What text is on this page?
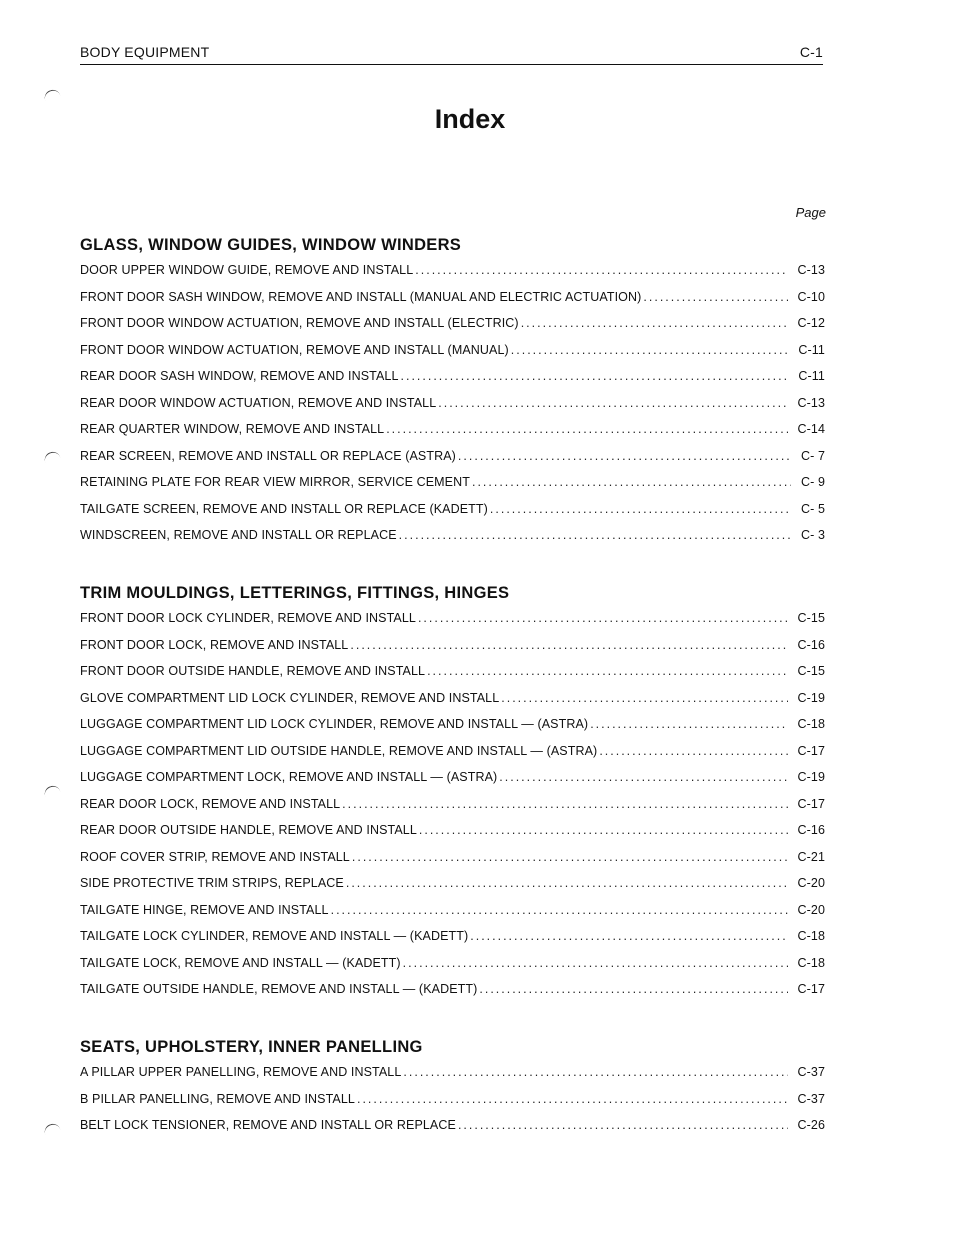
BODY EQUIPMENT	C-1
Index
Page
GLASS, WINDOW GUIDES, WINDOW WINDERS
DOOR UPPER WINDOW GUIDE, REMOVE AND INSTALL .....	C-13
FRONT DOOR SASH WINDOW, REMOVE AND INSTALL (MANUAL AND ELECTRIC ACTUATION) .....	C-10
FRONT DOOR WINDOW ACTUATION, REMOVE AND INSTALL (ELECTRIC) .....	C-12
FRONT DOOR WINDOW ACTUATION, REMOVE AND INSTALL (MANUAL) .....	C-11
REAR DOOR SASH WINDOW, REMOVE AND INSTALL .....	C-11
REAR DOOR WINDOW ACTUATION, REMOVE AND INSTALL .....	C-13
REAR QUARTER WINDOW, REMOVE AND INSTALL .....	C-14
REAR SCREEN, REMOVE AND INSTALL OR REPLACE (ASTRA) .....	C- 7
RETAINING PLATE FOR REAR VIEW MIRROR, SERVICE CEMENT .....	C- 9
TAILGATE SCREEN, REMOVE AND INSTALL OR REPLACE (KADETT) .....	C- 5
WINDSCREEN, REMOVE AND INSTALL OR REPLACE .....	C- 3
TRIM MOULDINGS, LETTERINGS, FITTINGS, HINGES
FRONT DOOR LOCK CYLINDER, REMOVE AND INSTALL .....	C-15
FRONT DOOR LOCK, REMOVE AND INSTALL .....	C-16
FRONT DOOR OUTSIDE HANDLE, REMOVE AND INSTALL .....	C-15
GLOVE COMPARTMENT LID LOCK CYLINDER, REMOVE AND INSTALL .....	C-19
LUGGAGE COMPARTMENT LID LOCK CYLINDER, REMOVE AND INSTALL — (ASTRA) .....	C-18
LUGGAGE COMPARTMENT LID OUTSIDE HANDLE, REMOVE AND INSTALL — (ASTRA) .....	C-17
LUGGAGE COMPARTMENT LOCK, REMOVE AND INSTALL — (ASTRA) .....	C-19
REAR DOOR LOCK, REMOVE AND INSTALL .....	C-17
REAR DOOR OUTSIDE HANDLE, REMOVE AND INSTALL .....	C-16
ROOF COVER STRIP, REMOVE AND INSTALL .....	C-21
SIDE PROTECTIVE TRIM STRIPS, REPLACE .....	C-20
TAILGATE HINGE, REMOVE AND INSTALL .....	C-20
TAILGATE LOCK CYLINDER, REMOVE AND INSTALL — (KADETT) .....	C-18
TAILGATE LOCK, REMOVE AND INSTALL — (KADETT) .....	C-18
TAILGATE OUTSIDE HANDLE, REMOVE AND INSTALL — (KADETT) .....	C-17
SEATS, UPHOLSTERY, INNER PANELLING
A PILLAR UPPER PANELLING, REMOVE AND INSTALL .....	C-37
B PILLAR PANELLING, REMOVE AND INSTALL .....	C-37
BELT LOCK TENSIONER, REMOVE AND INSTALL OR REPLACE .....	C-26
